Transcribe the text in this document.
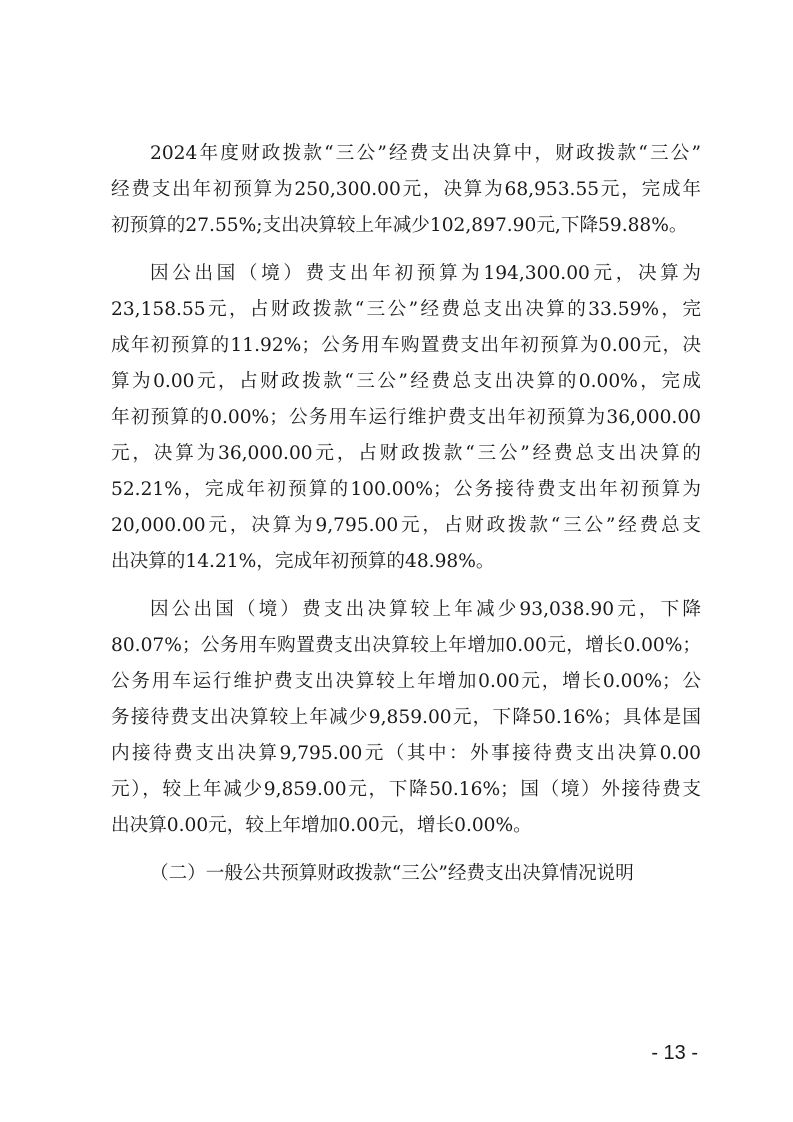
2024年度财政拨款“三公”经费支出决算中，财政拨款“三公”
经费支出年初预算为250,300.00元，决算为68,953.55元，完成年
初预算的27.55%;支出决算较上年减少102,897.90元,下降59.88%。
因公出国（境）费支出年初预算为194,300.00元，决算为
23,158.55元，占财政拨款“三公”经费总支出决算的33.59%，完
成年初预算的11.92%；公务用车购置费支出年初预算为0.00元，决
算为0.00元，占财政拨款“三公”经费总支出决算的0.00%，完成
年初预算的0.00%；公务用车运行维护费支出年初预算为36,000.00
元，决算为36,000.00元，占财政拨款“三公”经费总支出决算的
52.21%，完成年初预算的100.00%；公务接待费支出年初预算为
20,000.00元，决算为9,795.00元，占财政拨款“三公”经费总支
出决算的14.21%，完成年初预算的48.98%。
因公出国（境）费支出决算较上年减少93,038.90元，下降
80.07%；公务用车购置费支出决算较上年增加0.00元，增长0.00%；
公务用车运行维护费支出决算较上年增加0.00元，增长0.00%；公
务接待费支出决算较上年减少9,859.00元，下降50.16%；具体是国
内接待费支出决算9,795.00元（其中：外事接待费支出决算0.00
元），较上年减少9,859.00元，下降50.16%；国（境）外接待费支
出决算0.00元，较上年增加0.00元，增长0.00%。
（二）一般公共预算财政拨款“三公”经费支出决算情况说明
- 13 -
